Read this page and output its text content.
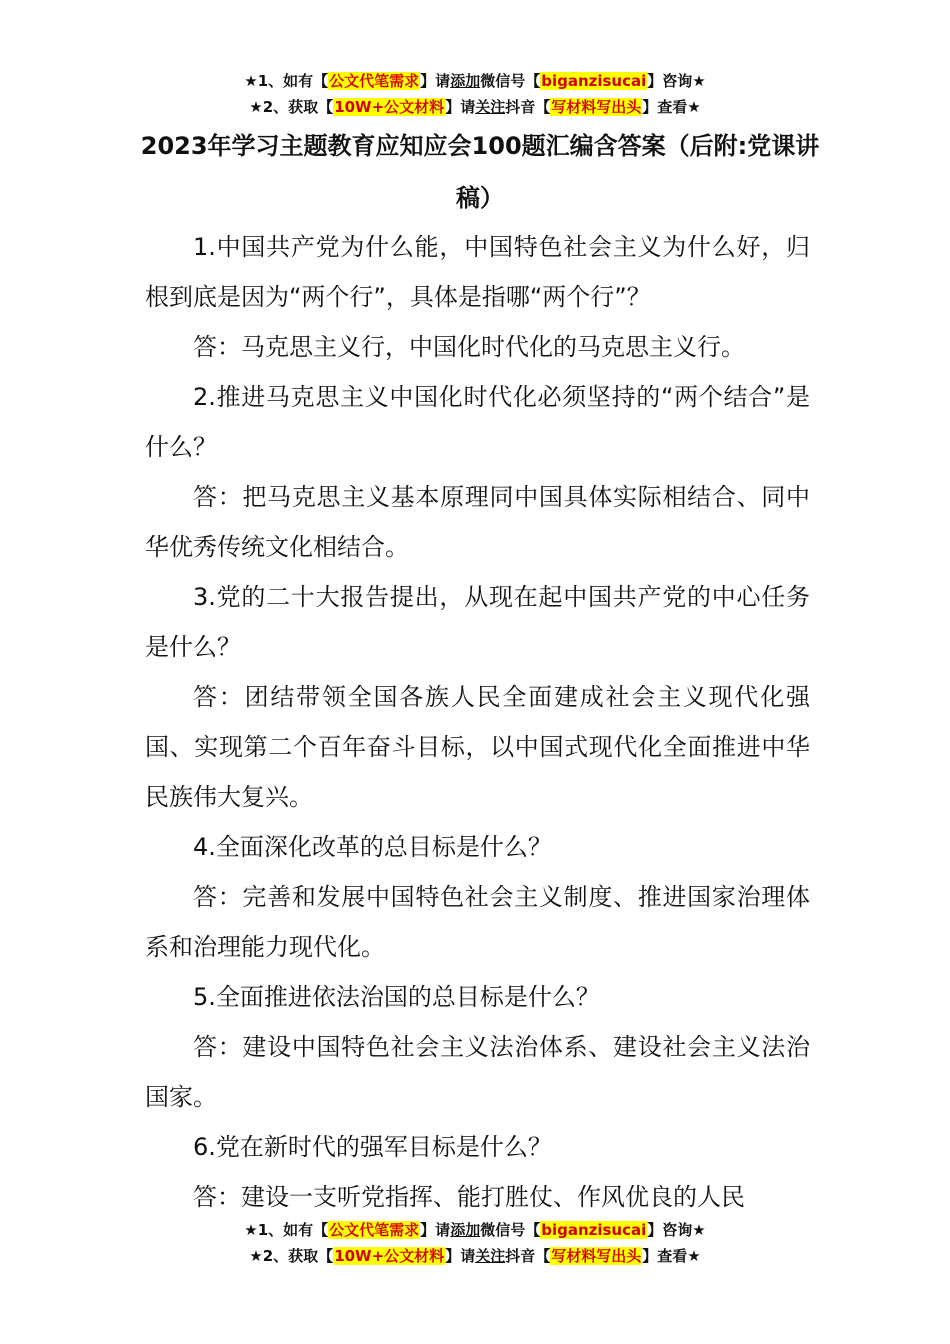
★1、如有【公文代笔需求】请添加微信号【biganzisucai】咨询★
★2、获取【10W+公文材料】请关注抖音【写材料写出头】查看★
2023年学习主题教育应知应会100题汇编含答案（后附:党课讲稿）

1.中国共产党为什么能，中国特色社会主义为什么好，归根到底是因为“两个行”，具体是指哪“两个行”？

答：马克思主义行，中国化时代化的马克思主义行。

2.推进马克思主义中国化时代化必须坚持的“两个结合”是什么？

答：把马克思主义基本原理同中国具体实际相结合、同中华优秀传统文化相结合。

3.党的二十大报告提出，从现在起中国共产党的中心任务是什么？

答：团结带领全国各族人民全面建成社会主义现代化强国、实现第二个百年奋斗目标，以中国式现代化全面推进中华民族伟大复兴。

4.全面深化改革的总目标是什么？

答：完善和发展中国特色社会主义制度、推进国家治理体系和治理能力现代化。

5.全面推进依法治国的总目标是什么？

答：建设中国特色社会主义法治体系、建设社会主义法治国家。

6.党在新时代的强军目标是什么？

答：建设一支听党指挥、能打胜仗、作风优良的人民

★1、如有【公文代笔需求】请添加微信号【biganzisucai】咨询★
★2、获取【10W+公文材料】请关注抖音【写材料写出头】查看★
